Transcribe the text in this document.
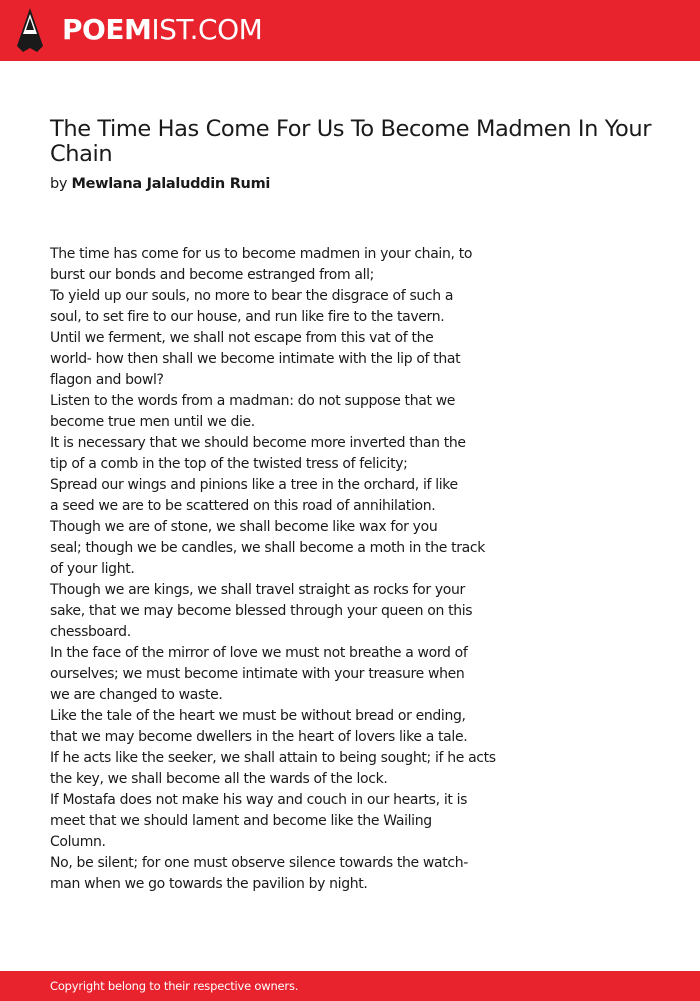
POEMIST.COM
The Time Has Come For Us To Become Madmen In Your Chain
by Mewlana Jalaluddin Rumi
The time has come for us to become madmen in your chain, to
burst our bonds and become estranged from all;
To yield up our souls, no more to bear the disgrace of such a
soul, to set fire to our house, and run like fire to the tavern.
Until we ferment, we shall not escape from this vat of the
world- how then shall we become intimate with the lip of that
flagon and bowl?
Listen to the words from a madman: do not suppose that we
become true men until we die.
It is necessary that we should become more inverted than the
tip of a comb in the top of the twisted tress of felicity;
Spread our wings and pinions like a tree in the orchard, if like
a seed we are to be scattered on this road of annihilation.
Though we are of stone, we shall become like wax for you
seal; though we be candles, we shall become a moth in the track
of your light.
Though we are kings, we shall travel straight as rocks for your
sake, that we may become blessed through your queen on this
chessboard.
In the face of the mirror of love we must not breathe a word of
ourselves; we must become intimate with your treasure when
we are changed to waste.
Like the tale of the heart we must be without bread or ending,
that we may become dwellers in the heart of lovers like a tale.
If he acts like the seeker, we shall attain to being sought; if he acts
the key, we shall become all the wards of the lock.
If Mostafa does not make his way and couch in our hearts, it is
meet that we should lament and become like the Wailing
Column.
No, be silent; for one must observe silence towards the watch-
man when we go towards the pavilion by night.
Copyright belong to their respective owners.
